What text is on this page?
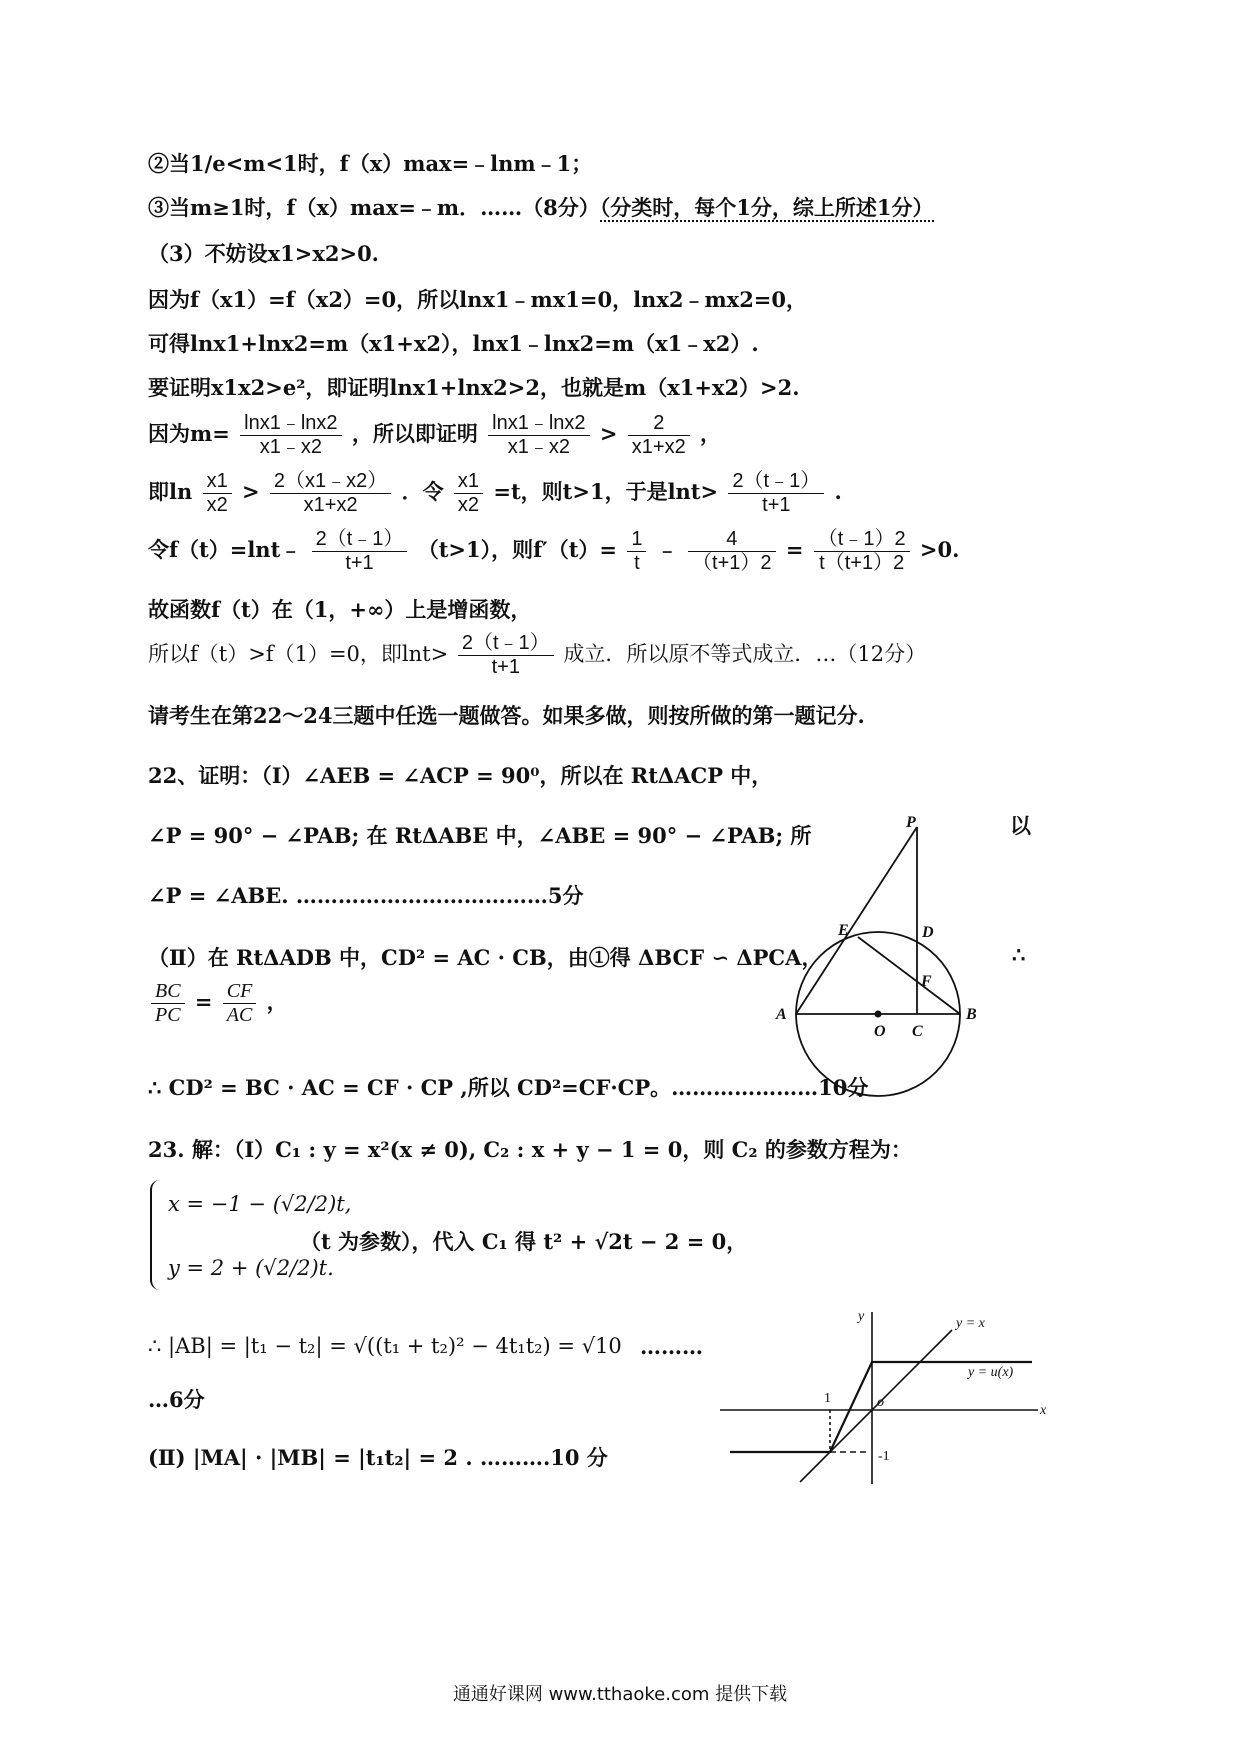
②当1/e<m<1时，f（x）max=﹣lnm﹣1；
③当m≥1时，f（x）max=﹣m．……（8分）（分类时，每个1分，综上所述1分）
（3）不妨设x1>x2>0.
因为f（x1）=f（x2）=0，所以lnx1﹣mx1=0，lnx2﹣mx2=0，
可得lnx1+lnx2=m（x1+x2），lnx1﹣lnx2=m（x1﹣x2）.
要证明x1x2>e²，即证明lnx1+lnx2>2，也就是m（x1+x2）>2.
因为$m= \frac{\ln x1﹣\ln x2}{x1﹣x2}$ ，所以即证明 $\frac{\ln x1﹣\ln x2}{x1﹣x2} > \frac{2}{x1+x2}$ ，
即$\ln \frac{x1}{x2} > \frac{2(x1﹣x2)}{x1+x2}$ ．令 $\frac{x1}{x2} =t$，则t>1，于是$\ln t> \frac{2(t﹣1)}{t+1}$ .
令f（t）=lnt﹣ $\frac{2(t﹣1)}{t+1} (t>1)$，则$f'(t)= \frac{1}{t}$ ﹣ $\frac{4}{(t+1)2} = \frac{(t﹣1)2}{t(t+1)2} >0$.
故函数f（t）在（1，+∞）上是增函数，
所以f（t）>f（1）=0，即$\ln t> \frac{2(t﹣1)}{t+1}$ 成立．所以原不等式成立．…（12分）
请考生在第22～24三题中任选一题做答。如果多做，则按所做的第一题记分.
22、证明：（Ⅰ）∠AEB = ∠ACP = 90⁰，所以在 RtΔACP 中，
∠P = 90° − ∠PAB; 在 RtΔABE 中，∠ABE = 90° − ∠PAB; 所	以
∠P = ∠ABE. ………………………………5分
（Ⅱ）在 RtΔADB 中，CD² = AC · CB，由①得 ΔBCF ∽ ΔPCA，	∴
$\frac{BC}{PC} = \frac{CF}{AC}$ ，
∴ CD² = BC · AC = CF · CP ,所以 CD²=CF·CP。…………………10分
23. 解：（Ⅰ）C₁ : y = x²(x ≠ 0), C₂ : x + y − 1 = 0，则 C₂ 的参数方程为：
x = −1 − (√2/2)t,
y = 2 + (√2/2)t.
（t 为参数），代入 C₁ 得 t² + √2t − 2 = 0，
∴ |AB| = |t₁ − t₂| = √((t₁ + t₂)² − 4t₁t₂) = √10 ………
…6分
(Ⅱ) |MA| · |MB| = |t₁t₂| = 2 . ……….10 分
P
E	D
F
A
O C
B
y
x
y = x
y = u(x)
1	o
-1
通通好课网 www.tthaoke.com 提供下载
